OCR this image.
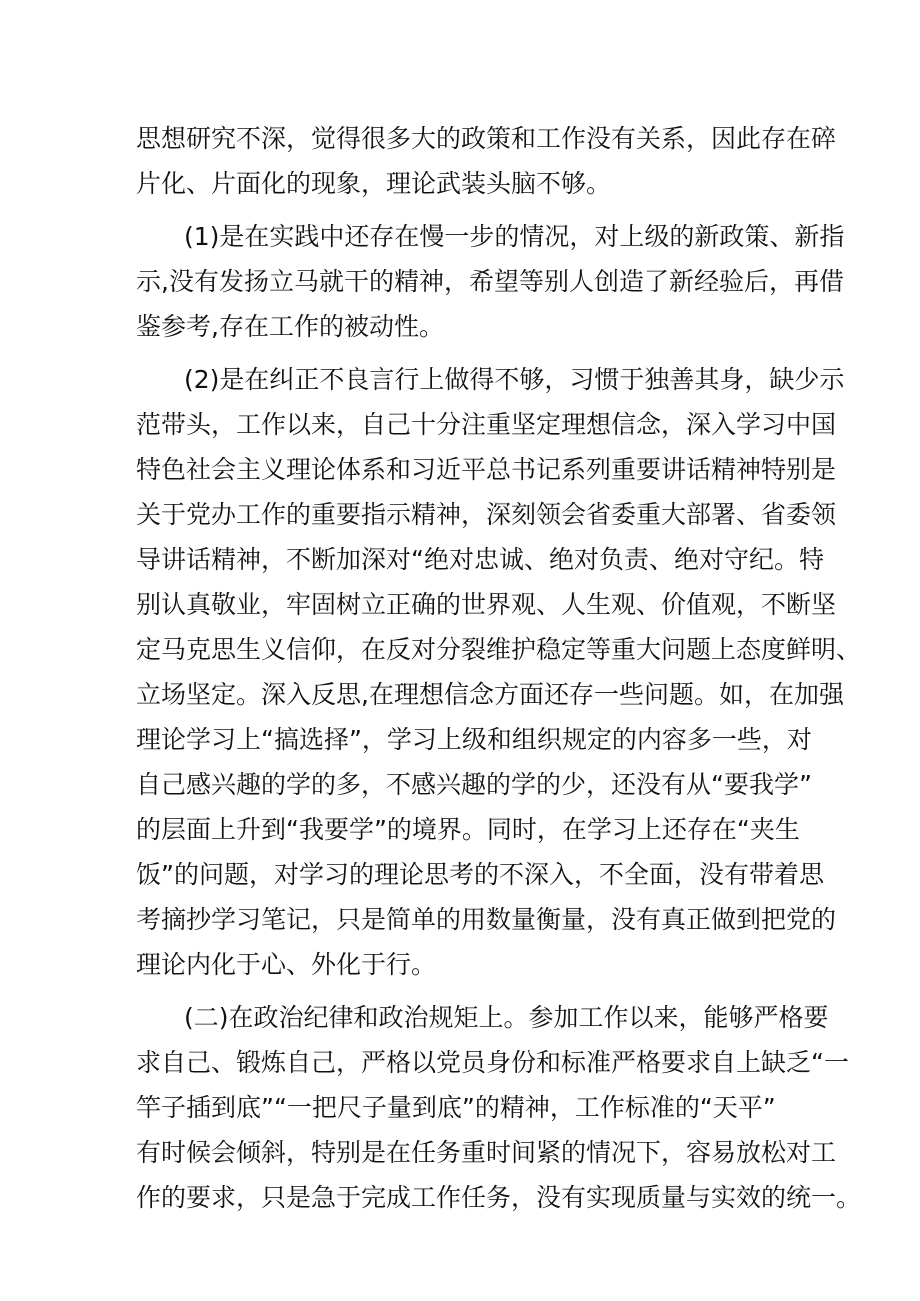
思想研究不深，觉得很多大的政策和工作没有关系，因此存在碎
片化、片面化的现象，理论武装头脑不够。
(1)是在实践中还存在慢一步的情况，对上级的新政策、新指
示,没有发扬立马就干的精神，希望等别人创造了新经验后，再借
鉴参考,存在工作的被动性。
(2)是在纠正不良言行上做得不够，习惯于独善其身，缺少示
范带头，工作以来，自己十分注重坚定理想信念，深入学习中国
特色社会主义理论体系和习近平总书记系列重要讲话精神特别是
关于党办工作的重要指示精神，深刻领会省委重大部署、省委领
导讲话精神，不断加深对“绝对忠诚、绝对负责、绝对守纪。特
别认真敬业，牢固树立正确的世界观、人生观、价值观，不断坚
定马克思生义信仰，在反对分裂维护稳定等重大问题上态度鲜明、
立场坚定。深入反思,在理想信念方面还存一些问题。如，在加强
理论学习上“搞选择”，学习上级和组织规定的内容多一些，对
自己感兴趣的学的多，不感兴趣的学的少，还没有从“要我学”
的层面上升到“我要学”的境界。同时，在学习上还存在“夹生
饭”的问题，对学习的理论思考的不深入，不全面，没有带着思
考摘抄学习笔记，只是简单的用数量衡量，没有真正做到把党的
理论内化于心、外化于行。
(二)在政治纪律和政治规矩上。参加工作以来，能够严格要
求自己、锻炼自己，严格以党员身份和标准严格要求自上缺乏“一
竿子插到底”“一把尺子量到底”的精神，工作标准的“天平”
有时候会倾斜，特别是在任务重时间紧的情况下，容易放松对工
作的要求，只是急于完成工作任务，没有实现质量与实效的统一。
